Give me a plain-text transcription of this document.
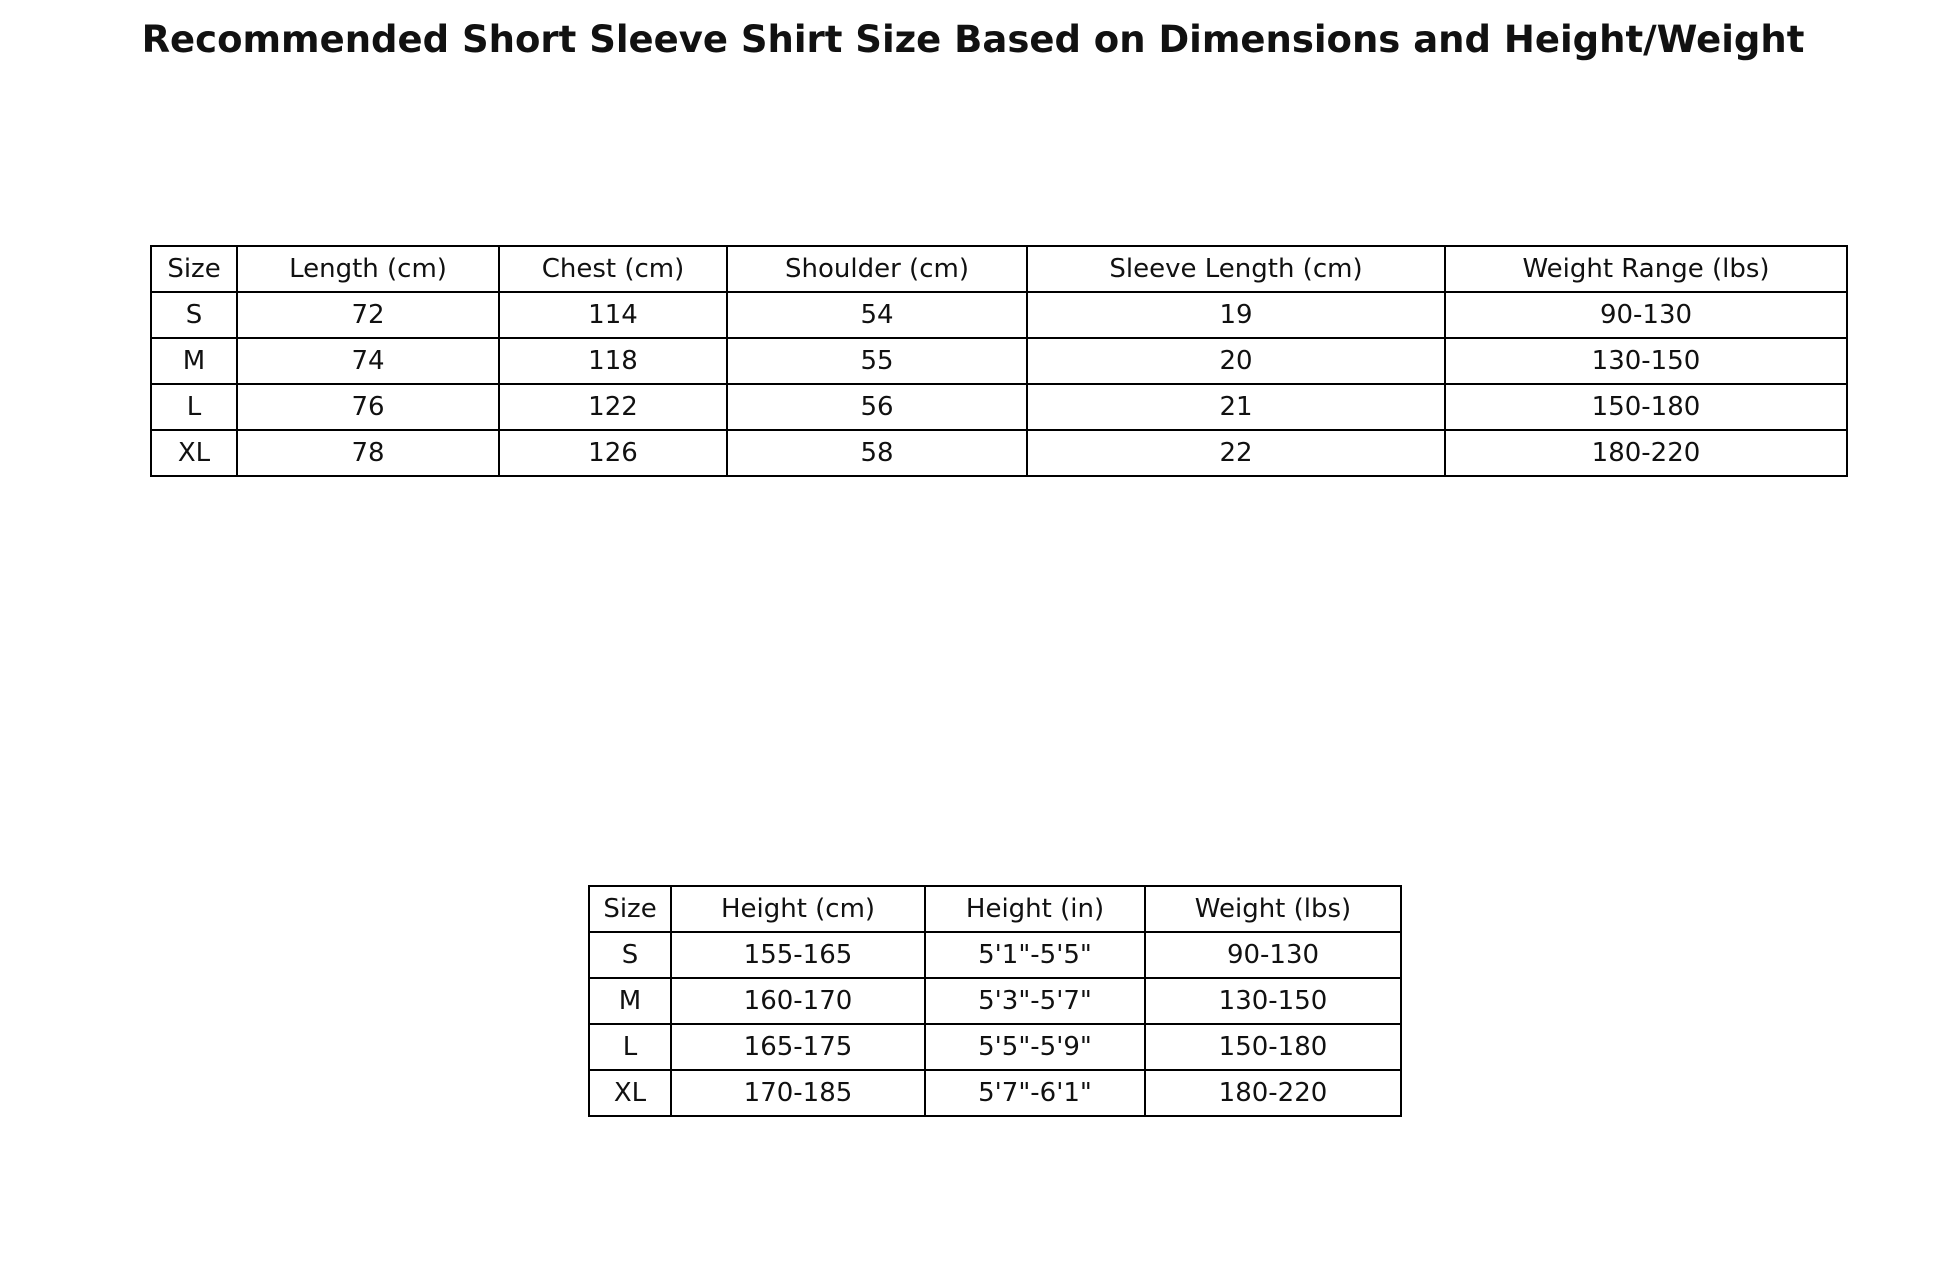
Recommended Short Sleeve Shirt Size Based on Dimensions and Height/Weight
Size	Length (cm)	Chest (cm)	Shoulder (cm)	Sleeve Length (cm)	Weight Range (lbs)
S	72	114	54	19	90-130
M	74	118	55	20	130-150
L	76	122	56	21	150-180
XL	78	126	58	22	180-220
Size	Height (cm)	Height (in)	Weight (lbs)
S	155-165	5'1"-5'5"	90-130
M	160-170	5'3"-5'7"	130-150
L	165-175	5'5"-5'9"	150-180
XL	170-185	5'7"-6'1"	180-220
